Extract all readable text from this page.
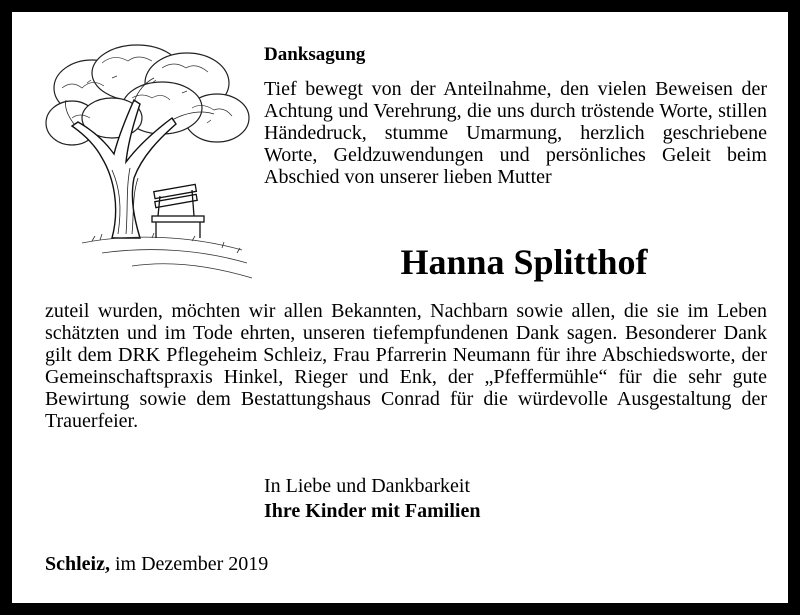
Danksagung
Tief bewegt von der Anteilnahme, den vielen Beweisen der Achtung und Verehrung, die uns durch tröstende Worte, stillen Händedruck, stumme Umarmung, herzlich geschriebene Worte, Geldzuwendungen und persönliches Geleit beim Abschied von unserer lieben Mutter
Hanna Splitthof
zuteil wurden, möchten wir allen Bekannten, Nachbarn sowie allen, die sie im Leben schätzten und im Tode ehrten, unseren tiefempfundenen Dank sagen. Besonderer Dank gilt dem DRK Pflegeheim Schleiz, Frau Pfarrerin Neumann für ihre Abschiedsworte, der Gemeinschaftspraxis Hinkel, Rieger und Enk, der „Pfeffermühle“ für die sehr gute Bewirtung sowie dem Bestattungshaus Conrad für die würdevolle Ausgestaltung der Trauerfeier.
In Liebe und Dankbarkeit
Ihre Kinder mit Familien
Schleiz, im Dezember 2019
